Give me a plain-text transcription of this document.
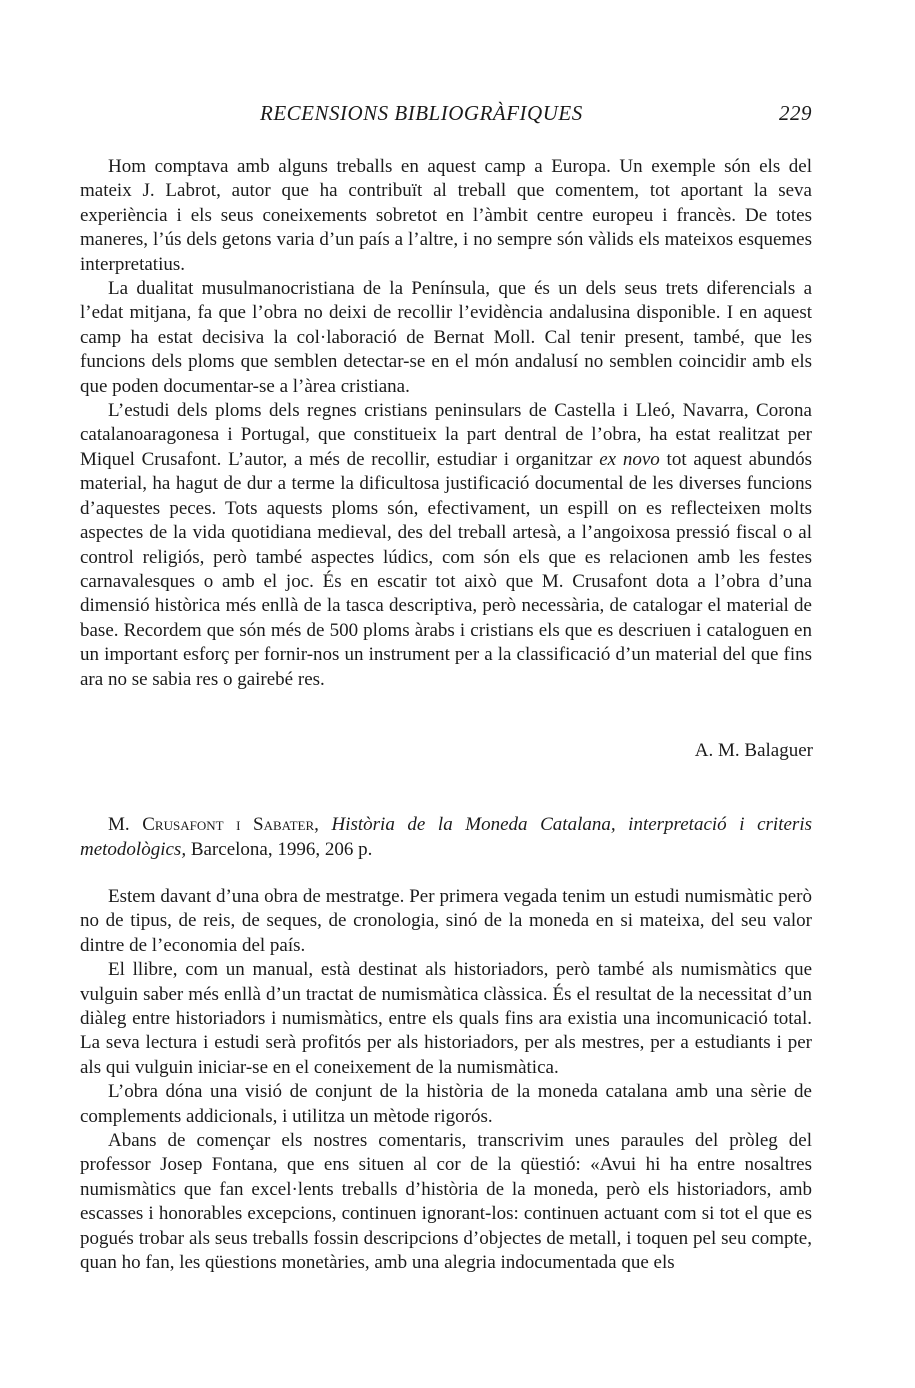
RECENSIONS BIBLIOGRÀFIQUES	229

Hom comptava amb alguns treballs en aquest camp a Europa. Un exemple són els del mateix J. Labrot, autor que ha contribuït al treball que comentem, tot aportant la seva experiència i els seus coneixements sobretot en l’àmbit centre europeu i francès. De totes maneres, l’ús dels getons varia d’un país a l’altre, i no sempre són vàlids els mateixos esquemes interpretatius.

La dualitat musulmanocristiana de la Península, que és un dels seus trets diferencials a l’edat mitjana, fa que l’obra no deixi de recollir l’evidència andalusina disponible. I en aquest camp ha estat decisiva la col·laboració de Bernat Moll. Cal tenir present, també, que les funcions dels ploms que semblen detectar-se en el món andalusí no semblen coincidir amb els que poden documentar-se a l’àrea cristiana.

L’estudi dels ploms dels regnes cristians peninsulars de Castella i Lleó, Navarra, Corona catalanoaragonesa i Portugal, que constitueix la part dentral de l’obra, ha estat realitzat per Miquel Crusafont. L’autor, a més de recollir, estudiar i organitzar ex novo tot aquest abundós material, ha hagut de dur a terme la dificultosa justificació documental de les diverses funcions d’aquestes peces. Tots aquests ploms són, efectivament, un espill on es reflecteixen molts aspectes de la vida quotidiana medieval, des del treball artesà, a l’angoixosa pressió fiscal o al control religiós, però també aspectes lúdics, com són els que es relacionen amb les festes carnavalesques o amb el joc. És en escatir tot això que M. Crusafont dota a l’obra d’una dimensió històrica més enllà de la tasca descriptiva, però necessària, de catalogar el material de base. Recordem que són més de 500 ploms àrabs i cristians els que es descriuen i cataloguen en un important esforç per fornir-nos un instrument per a la classificació d’un material del que fins ara no se sabia res o gairebé res.

A. M. Balaguer
M. Crusafont i Sabater, Història de la Moneda Catalana, interpretació i criteris metodològics, Barcelona, 1996, 206 p.

Estem davant d’una obra de mestratge. Per primera vegada tenim un estudi numismàtic però no de tipus, de reis, de seques, de cronologia, sinó de la moneda en si mateixa, del seu valor dintre de l’economia del país.

El llibre, com un manual, està destinat als historiadors, però també als numismàtics que vulguin saber més enllà d’un tractat de numismàtica clàssica. És el resultat de la necessitat d’un diàleg entre historiadors i numismàtics, entre els quals fins ara existia una incomunicació total. La seva lectura i estudi serà profitós per als historiadors, per als mestres, per a estudiants i per als qui vulguin iniciar-se en el coneixement de la numismàtica.

L’obra dóna una visió de conjunt de la història de la moneda catalana amb una sèrie de complements addicionals, i utilitza un mètode rigorós.

Abans de començar els nostres comentaris, transcrivim unes paraules del pròleg del professor Josep Fontana, que ens situen al cor de la qüestió: «Avui hi ha entre nosaltres numismàtics que fan excel·lents treballs d’història de la moneda, però els historiadors, amb escasses i honorables excepcions, continuen ignorant-los: continuen actuant com si tot el que es pogués trobar als seus treballs fossin descripcions d’objectes de metall, i toquen pel seu compte, quan ho fan, les qüestions monetàries, amb una alegria indocumentada que els
